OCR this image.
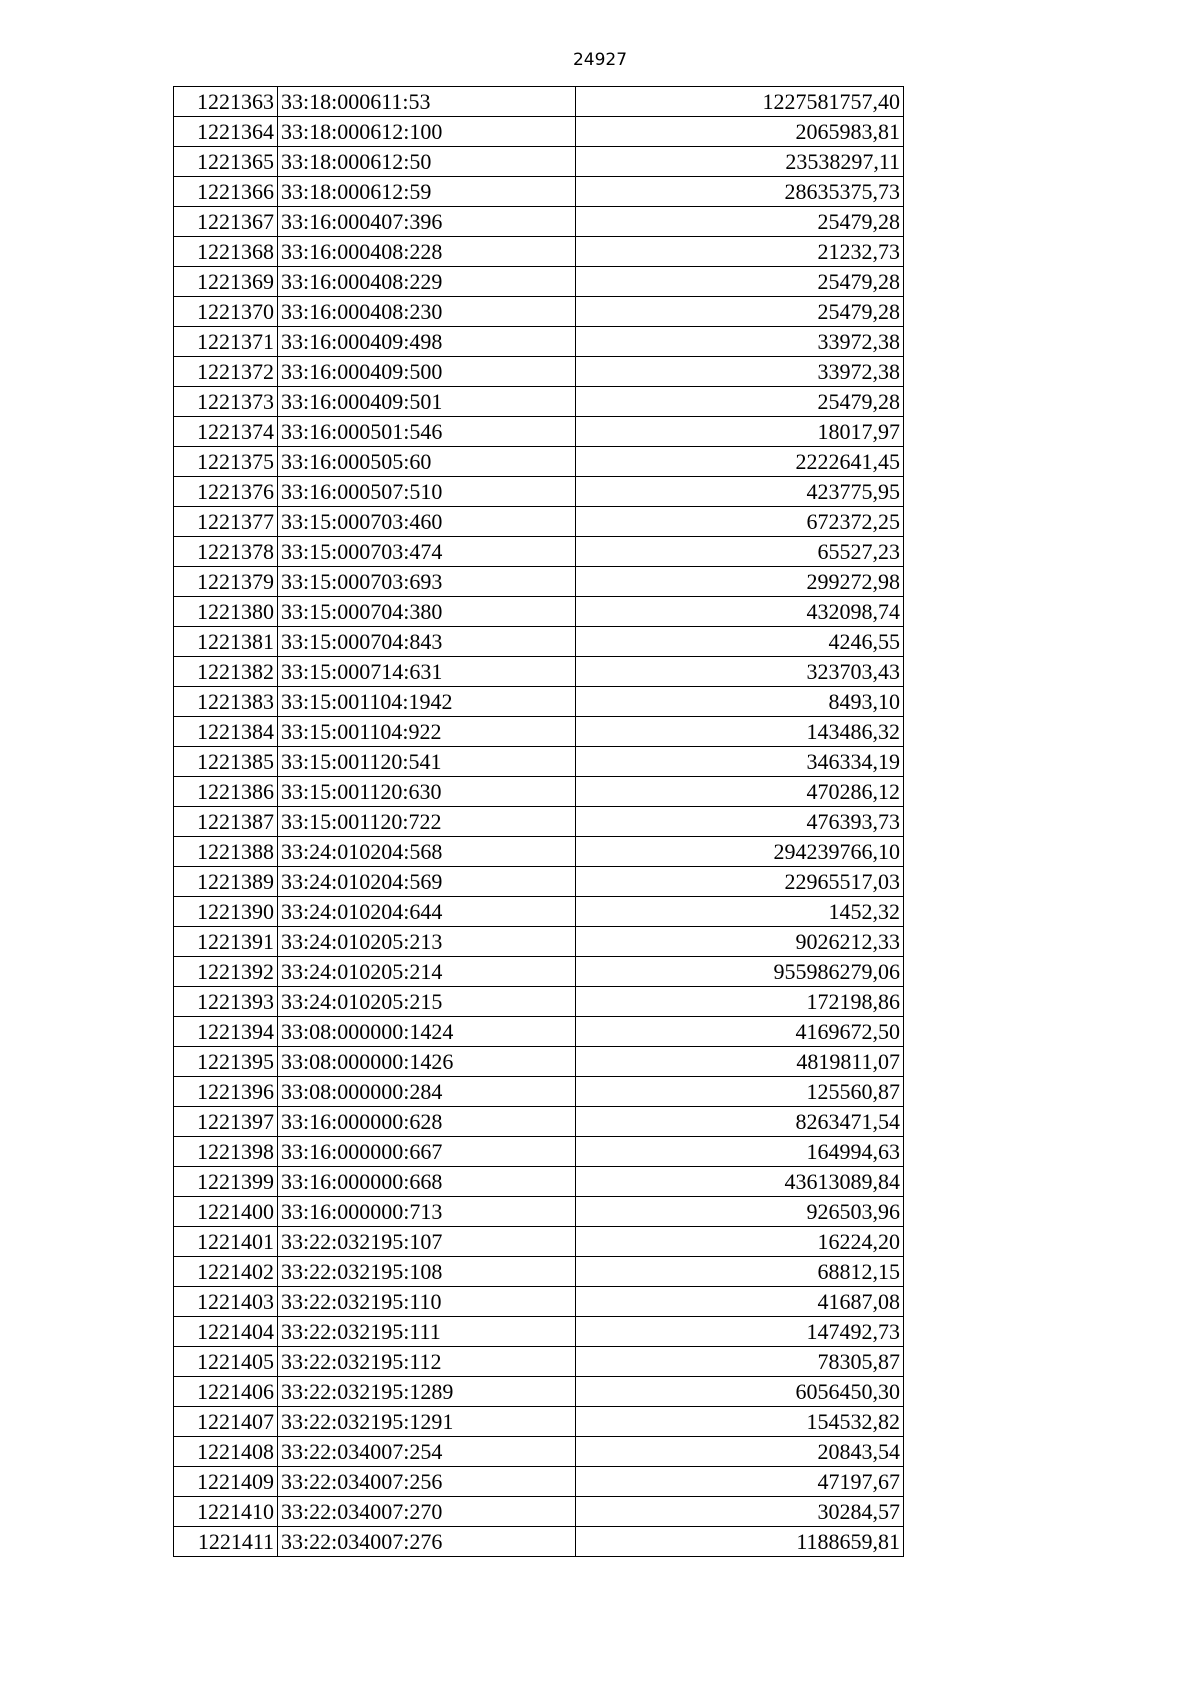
24927
1221363	33:18:000611:53	1227581757,40
1221364	33:18:000612:100	2065983,81
1221365	33:18:000612:50	23538297,11
1221366	33:18:000612:59	28635375,73
1221367	33:16:000407:396	25479,28
1221368	33:16:000408:228	21232,73
1221369	33:16:000408:229	25479,28
1221370	33:16:000408:230	25479,28
1221371	33:16:000409:498	33972,38
1221372	33:16:000409:500	33972,38
1221373	33:16:000409:501	25479,28
1221374	33:16:000501:546	18017,97
1221375	33:16:000505:60	2222641,45
1221376	33:16:000507:510	423775,95
1221377	33:15:000703:460	672372,25
1221378	33:15:000703:474	65527,23
1221379	33:15:000703:693	299272,98
1221380	33:15:000704:380	432098,74
1221381	33:15:000704:843	4246,55
1221382	33:15:000714:631	323703,43
1221383	33:15:001104:1942	8493,10
1221384	33:15:001104:922	143486,32
1221385	33:15:001120:541	346334,19
1221386	33:15:001120:630	470286,12
1221387	33:15:001120:722	476393,73
1221388	33:24:010204:568	294239766,10
1221389	33:24:010204:569	22965517,03
1221390	33:24:010204:644	1452,32
1221391	33:24:010205:213	9026212,33
1221392	33:24:010205:214	955986279,06
1221393	33:24:010205:215	172198,86
1221394	33:08:000000:1424	4169672,50
1221395	33:08:000000:1426	4819811,07
1221396	33:08:000000:284	125560,87
1221397	33:16:000000:628	8263471,54
1221398	33:16:000000:667	164994,63
1221399	33:16:000000:668	43613089,84
1221400	33:16:000000:713	926503,96
1221401	33:22:032195:107	16224,20
1221402	33:22:032195:108	68812,15
1221403	33:22:032195:110	41687,08
1221404	33:22:032195:111	147492,73
1221405	33:22:032195:112	78305,87
1221406	33:22:032195:1289	6056450,30
1221407	33:22:032195:1291	154532,82
1221408	33:22:034007:254	20843,54
1221409	33:22:034007:256	47197,67
1221410	33:22:034007:270	30284,57
1221411	33:22:034007:276	1188659,81
